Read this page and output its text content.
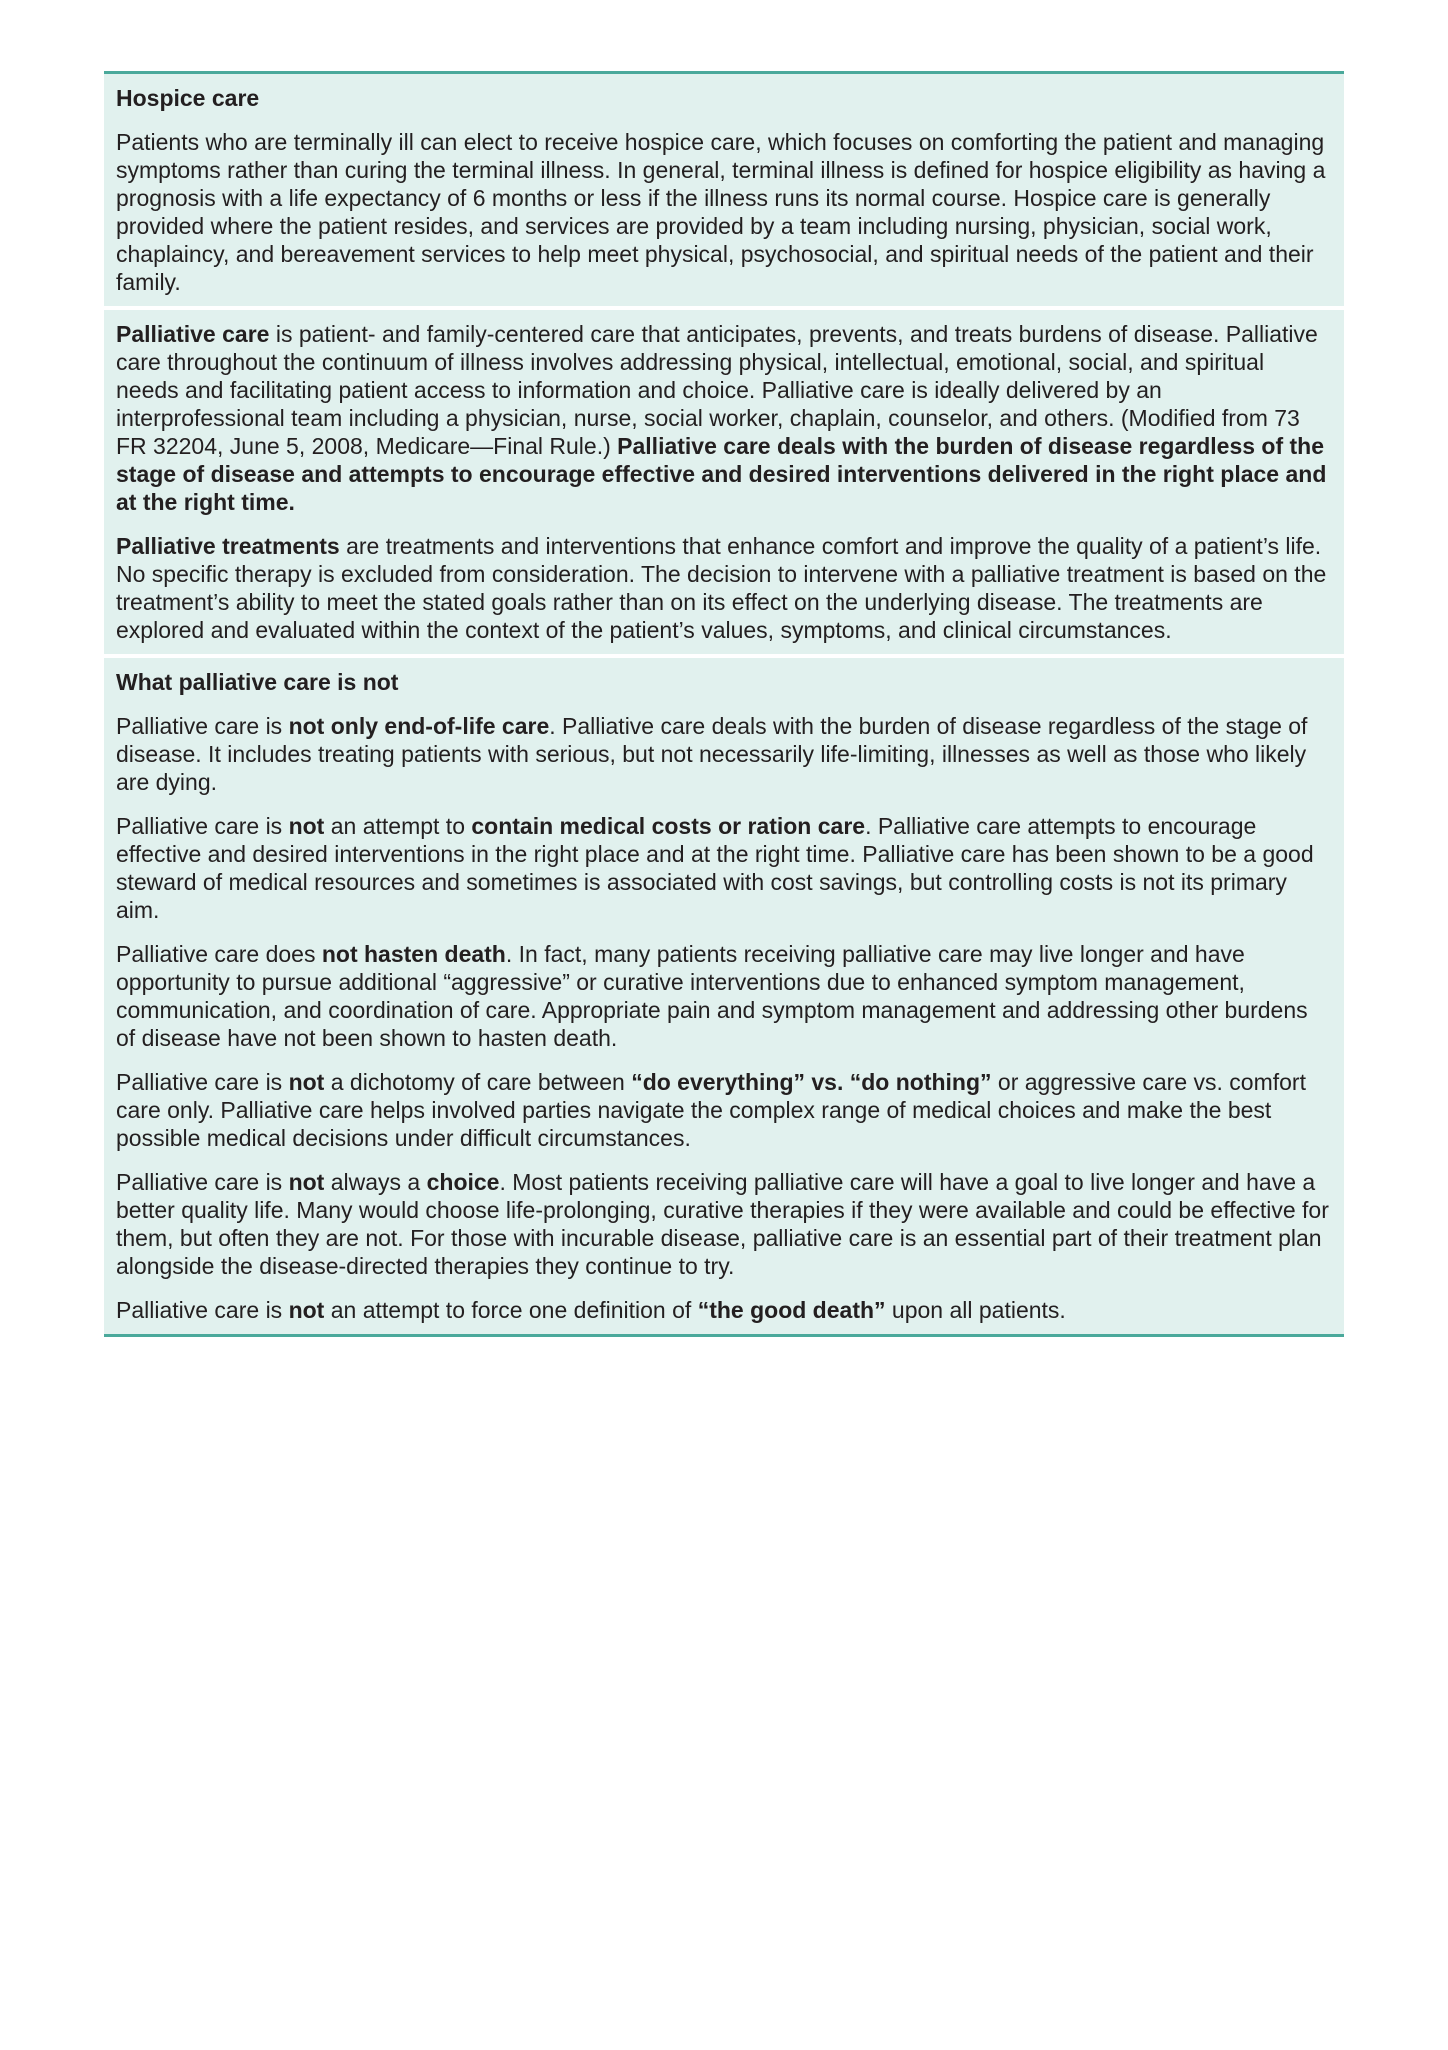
Hospice care

Patients who are terminally ill can elect to receive hospice care, which focuses on comforting the patient and managing symptoms rather than curing the terminal illness. In general, terminal illness is defined for hospice eligibility as having a prognosis with a life expectancy of 6 months or less if the illness runs its normal course. Hospice care is generally provided where the patient resides, and services are provided by a team including nursing, physician, social work, chaplaincy, and bereavement services to help meet physical, psychosocial, and spiritual needs of the patient and their family.

Palliative care is patient- and family-centered care that anticipates, prevents, and treats burdens of disease. Palliative care throughout the continuum of illness involves addressing physical, intellectual, emotional, social, and spiritual needs and facilitating patient access to information and choice. Palliative care is ideally delivered by an interprofessional team including a physician, nurse, social worker, chaplain, counselor, and others. (Modified from 73 FR 32204, June 5, 2008, Medicare—Final Rule.) Palliative care deals with the burden of disease regardless of the stage of disease and attempts to encourage effective and desired interventions delivered in the right place and at the right time.

Palliative treatments are treatments and interventions that enhance comfort and improve the quality of a patient’s life. No specific therapy is excluded from consideration. The decision to intervene with a palliative treatment is based on the treatment’s ability to meet the stated goals rather than on its effect on the underlying disease. The treatments are explored and evaluated within the context of the patient’s values, symptoms, and clinical circumstances.

What palliative care is not

Palliative care is not only end-of-life care. Palliative care deals with the burden of disease regardless of the stage of disease. It includes treating patients with serious, but not necessarily life-limiting, illnesses as well as those who likely are dying.

Palliative care is not an attempt to contain medical costs or ration care. Palliative care attempts to encourage effective and desired interventions in the right place and at the right time. Palliative care has been shown to be a good steward of medical resources and sometimes is associated with cost savings, but controlling costs is not its primary aim.

Palliative care does not hasten death. In fact, many patients receiving palliative care may live longer and have opportunity to pursue additional “aggressive” or curative interventions due to enhanced symptom management, communication, and coordination of care. Appropriate pain and symptom management and addressing other burdens of disease have not been shown to hasten death.

Palliative care is not a dichotomy of care between “do everything” vs. “do nothing” or aggressive care vs. comfort care only. Palliative care helps involved parties navigate the complex range of medical choices and make the best possible medical decisions under difficult circumstances.

Palliative care is not always a choice. Most patients receiving palliative care will have a goal to live longer and have a better quality life. Many would choose life-prolonging, curative therapies if they were available and could be effective for them, but often they are not. For those with incurable disease, palliative care is an essential part of their treatment plan alongside the disease-directed therapies they continue to try.

Palliative care is not an attempt to force one definition of “the good death” upon all patients.
